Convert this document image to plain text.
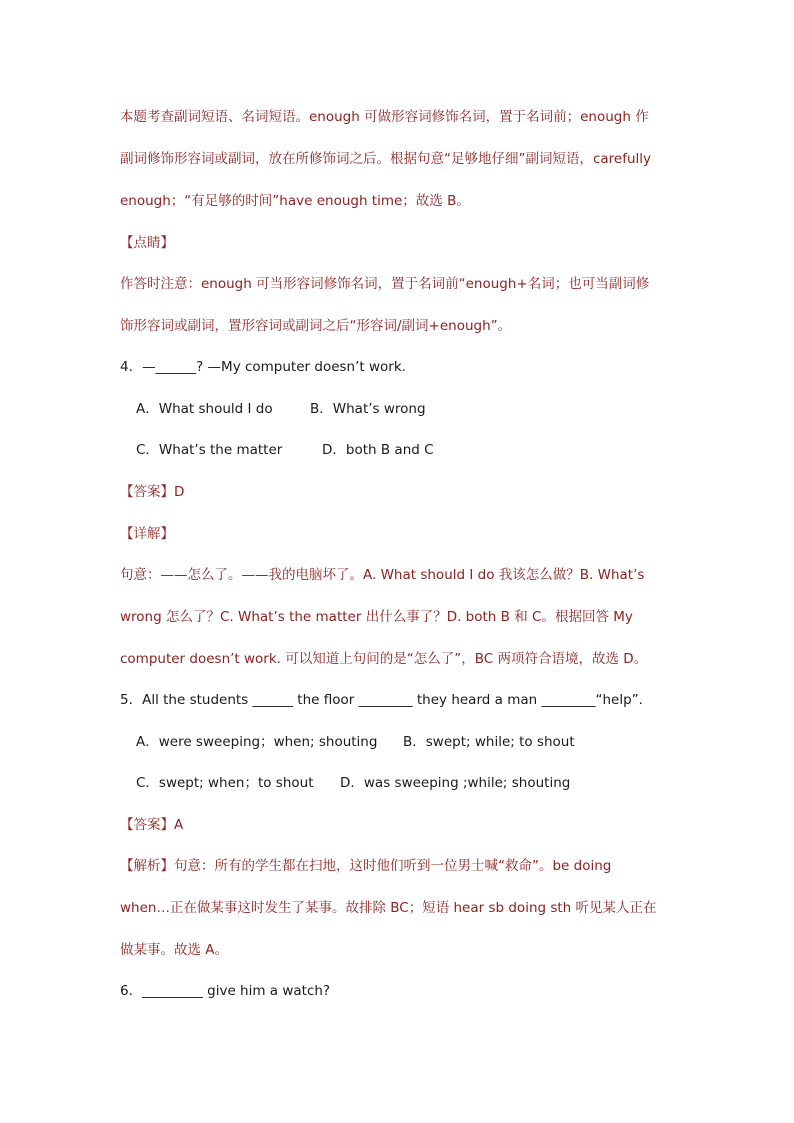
本题考查副词短语、名词短语。enough 可做形容词修饰名词，置于名词前；enough 作
副词修饰形容词或副词，放在所修饰词之后。根据句意“足够地仔细”副词短语，carefully
enough；“有足够的时间”have enough time；故选 B。
【点睛】
作答时注意：enough 可当形容词修饰名词，置于名词前“enough+名词；也可当副词修
饰形容词或副词，置形容词或副词之后“形容词/副词+enough”。
4．—______? —My computer doesn’t work.
A．What should I do	B．What’s wrong
C．What’s the matter	D．both B and C
【答案】D
【详解】
句意：——怎么了。——我的电脑坏了。A. What should I do 我该怎么做？B. What’s
wrong 怎么了？C. What’s the matter 出什么事了？D. both B 和 C。根据回答 My
computer doesn’t work. 可以知道上句问的是“怎么了”，BC 两项符合语境，故选 D。
5．All the students ______ the floor ________ they heard a man ________“help”.
A．were sweeping；when; shouting B．swept; while; to shout
C．swept; when；to shout D．was sweeping ;while; shouting
【答案】A
【解析】句意：所有的学生都在扫地，这时他们听到一位男士喊“救命”。be doing
when…正在做某事这时发生了某事。故排除 BC；短语 hear sb doing sth 听见某人正在
做某事。故选 A。
6．_________ give him a watch?
